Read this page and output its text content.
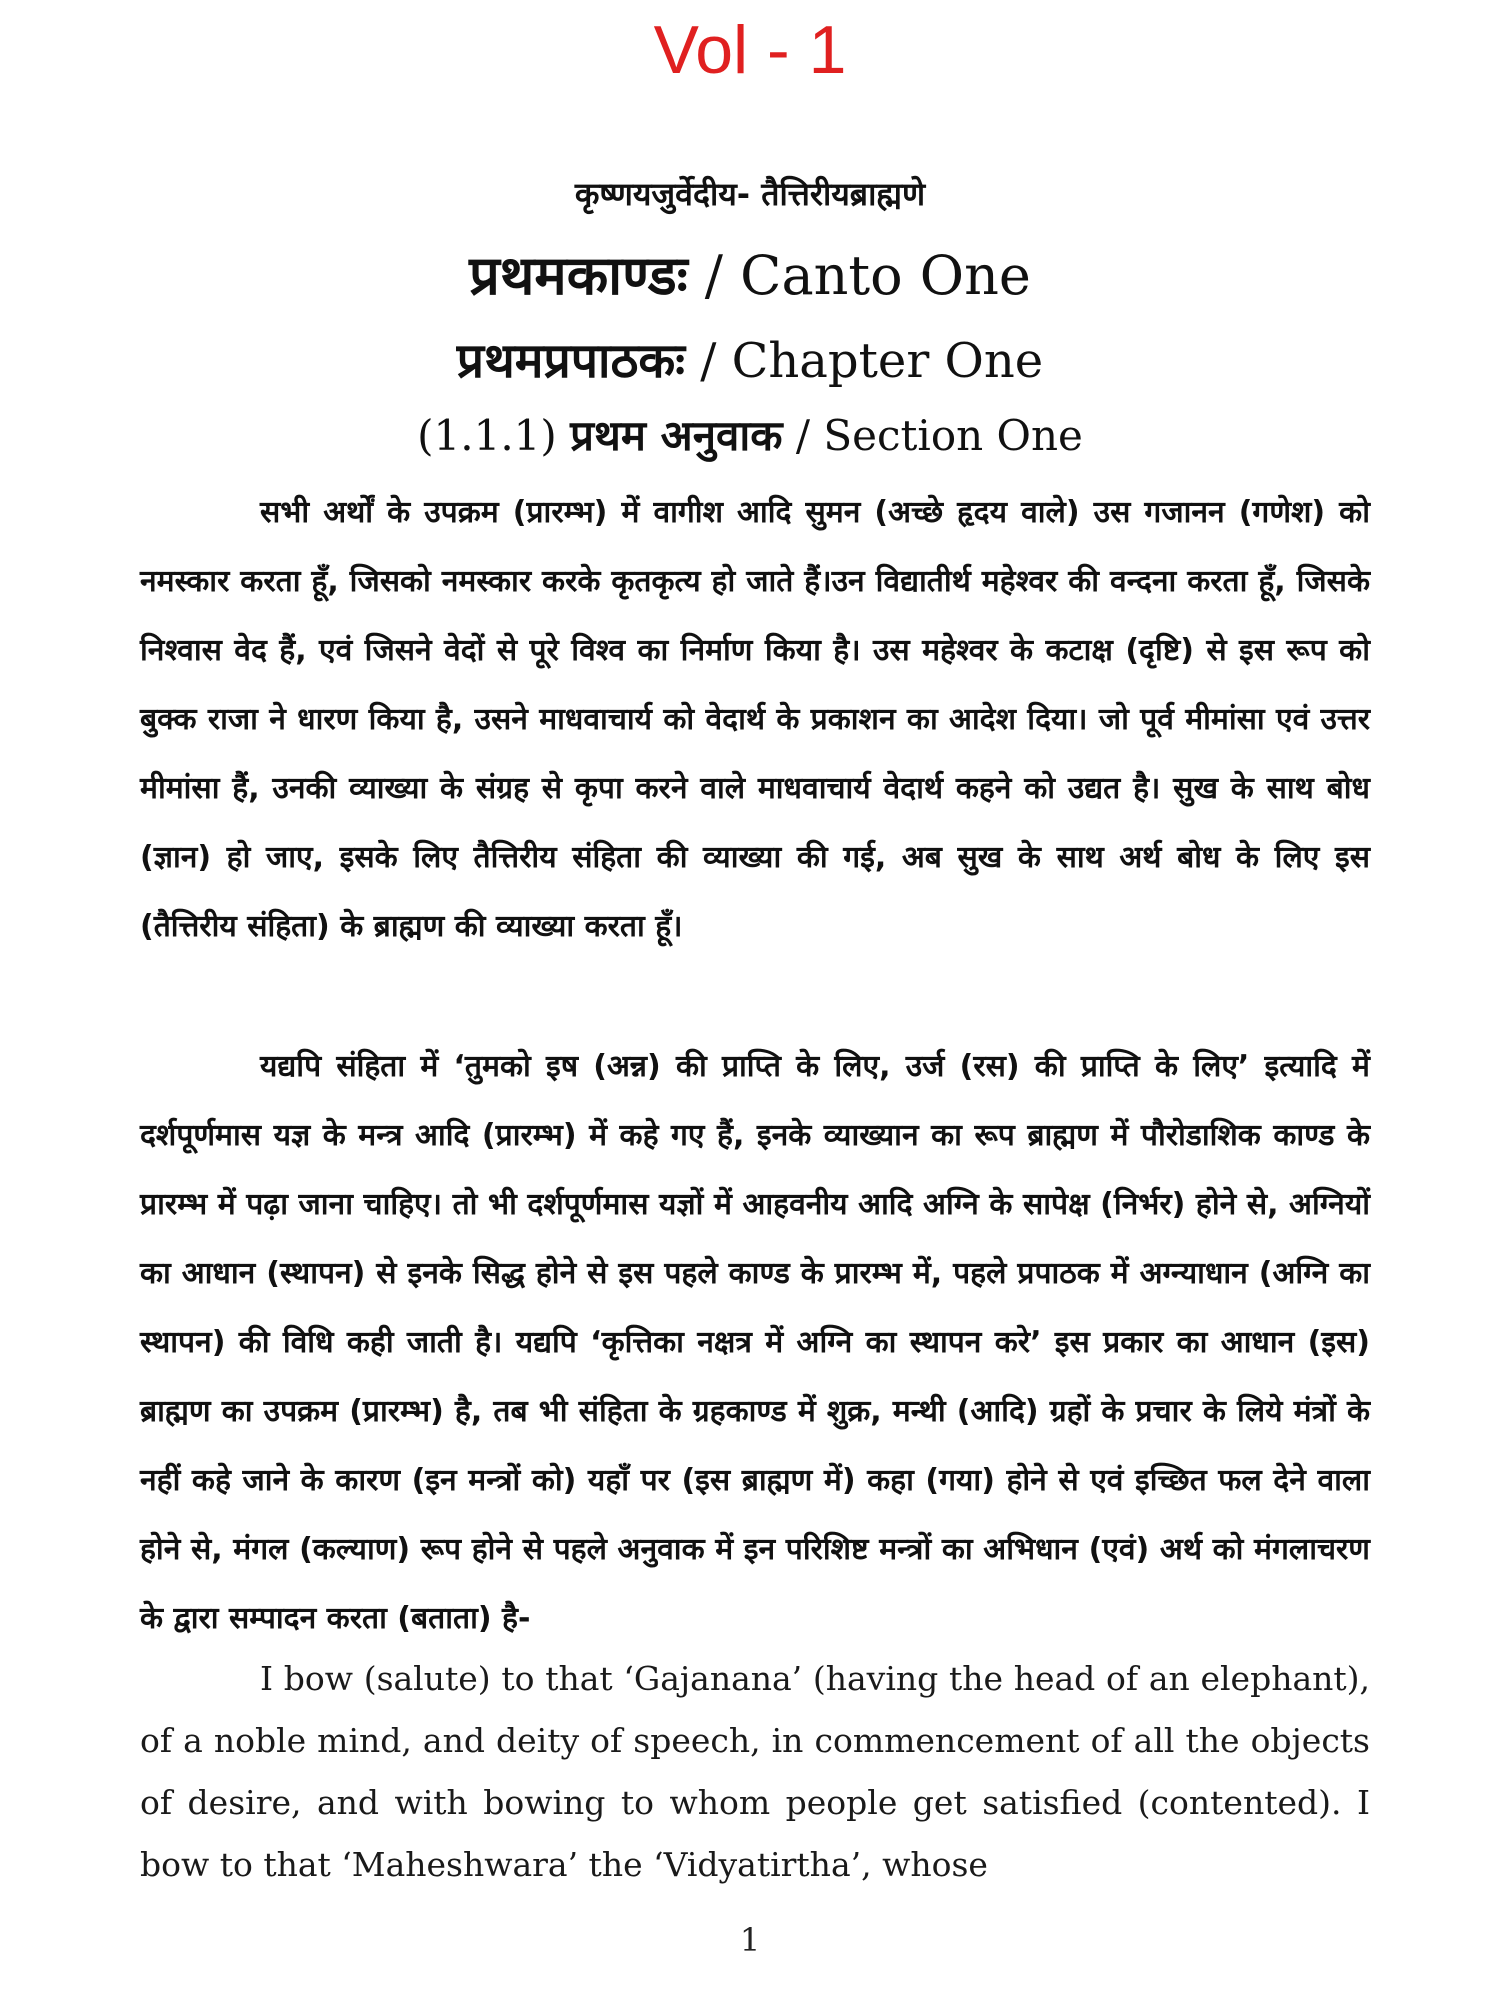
Vol - 1
कृष्णयजुर्वेदीय- तैत्तिरीयब्राह्मणे
प्रथमकाण्डः / Canto One
प्रथमप्रपाठकः / Chapter One
(1.1.1) प्रथम अनुवाक / Section One

सभी अर्थों के उपक्रम (प्रारम्भ) में वागीश आदि सुमन (अच्छे हृदय वाले) उस गजानन (गणेश) को नमस्कार करता हूँ, जिसको नमस्कार करके कृतकृत्य हो जाते हैं।उन विद्यातीर्थ महेश्वर की वन्दना करता हूँ, जिसके निश्वास वेद हैं, एवं जिसने वेदों से पूरे विश्व का निर्माण किया है। उस महेश्वर के कटाक्ष (दृष्टि) से इस रूप को बुक्क राजा ने धारण किया है, उसने माधवाचार्य को वेदार्थ के प्रकाशन का आदेश दिया। जो पूर्व मीमांसा एवं उत्तर मीमांसा हैं, उनकी व्याख्या के संग्रह से कृपा करने वाले माधवाचार्य वेदार्थ कहने को उद्यत है। सुख के साथ बोध (ज्ञान) हो जाए, इसके लिए तैत्तिरीय संहिता की व्याख्या की गई, अब सुख के साथ अर्थ बोध के लिए इस (तैत्तिरीय संहिता) के ब्राह्मण की व्याख्या करता हूँ।

यद्यपि संहिता में ‘तुमको इष (अन्न) की प्राप्ति के लिए, उर्ज (रस) की प्राप्ति के लिए’ इत्यादि में दर्शपूर्णमास यज्ञ के मन्त्र आदि (प्रारम्भ) में कहे गए हैं, इनके व्याख्यान का रूप ब्राह्मण में पौरोडाशिक काण्ड के प्रारम्भ में पढ़ा जाना चाहिए। तो भी दर्शपूर्णमास यज्ञों में आहवनीय आदि अग्नि के सापेक्ष (निर्भर) होने से, अग्नियों का आधान (स्थापन) से इनके सिद्ध होने से इस पहले काण्ड के प्रारम्भ में, पहले प्रपाठक में अग्न्याधान (अग्नि का स्थापन) की विधि कही जाती है। यद्यपि ‘कृत्तिका नक्षत्र में अग्नि का स्थापन करे’ इस प्रकार का आधान (इस) ब्राह्मण का उपक्रम (प्रारम्भ) है, तब भी संहिता के ग्रहकाण्ड में शुक्र, मन्थी (आदि) ग्रहों के प्रचार के लिये मंत्रों के नहीं कहे जाने के कारण (इन मन्त्रों को) यहाँ पर (इस ब्राह्मण में) कहा (गया) होने से एवं इच्छित फल देने वाला होने से, मंगल (कल्याण) रूप होने से पहले अनुवाक में इन परिशिष्ट मन्त्रों का अभिधान (एवं) अर्थ को मंगलाचरण के द्वारा सम्पादन करता (बताता) है-

I bow (salute) to that ‘Gajanana’ (having the head of an elephant), of a noble mind, and deity of speech, in commencement of all the objects of desire, and with bowing to whom people get satisfied (contented). I bow to that ‘Maheshwara’ the ‘Vidyatirtha’, whose

1
